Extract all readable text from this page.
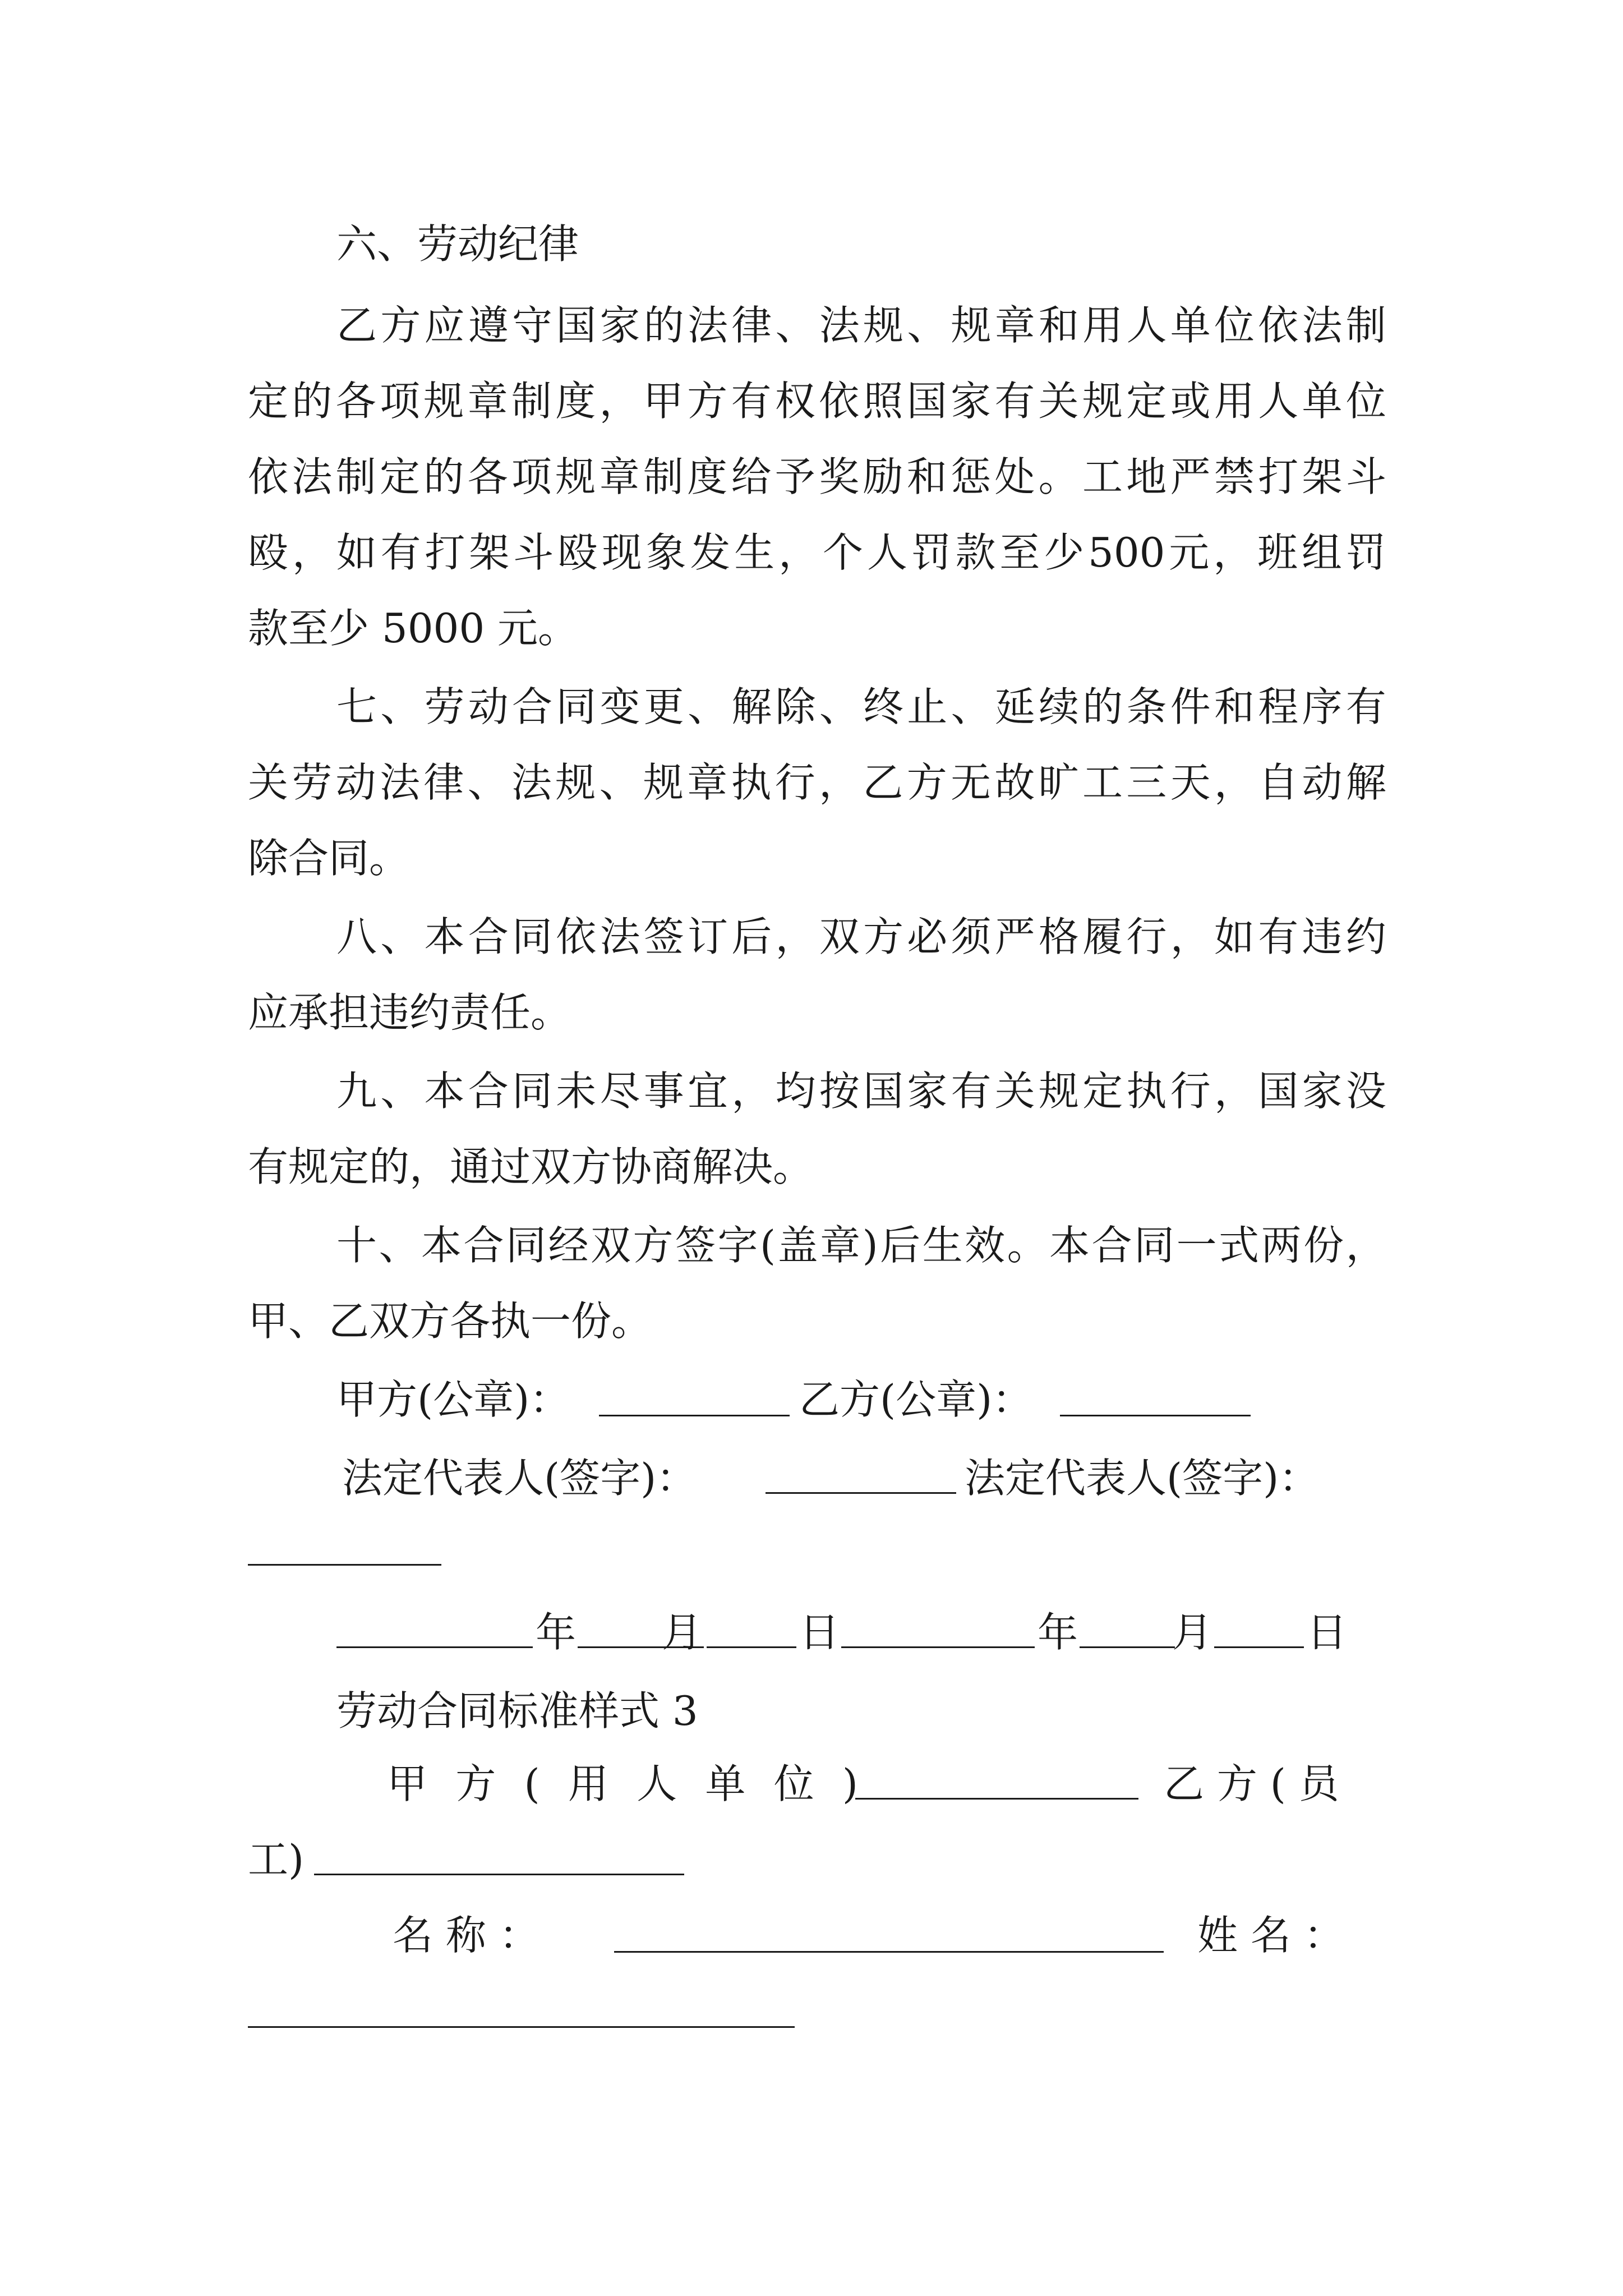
六、劳动纪律
乙 方 应 遵 守 国 家 的 法 律 、 法 规 、 规 章 和 用 人 单 位 依 法 制
定 的 各 项 规 章 制 度 ， 甲 方 有 权 依 照 国 家 有 关 规 定 或 用 人 单 位
依 法 制 定 的 各 项 规 章 制 度 给 予 奖 励 和 惩 处 。 工 地 严 禁 打 架 斗
殴 ， 如 有 打 架 斗 殴 现 象 发 生 ， 个 人 罚 款 至 少 500 元 ， 班 组 罚
款至少 5000 元。
七 、 劳 动 合 同 变 更 、 解 除 、 终 止 、 延 续 的 条 件 和 程 序 有
关 劳 动 法 律 、 法 规 、 规 章 执 行 ， 乙 方 无 故 旷 工 三 天 ， 自 动 解
除合同。
八 、 本 合 同 依 法 签 订 后 ， 双 方 必 须 严 格 履 行 ， 如 有 违 约
应承担违约责任。
九 、 本 合 同 未 尽 事 宜 ， 均 按 国 家 有 关 规 定 执 行 ， 国 家 没
有规定的，通过双方协商解决。
十 、 本 合 同 经 双 方 签 字 ( 盖 章 ) 后 生 效 。 本 合 同 一 式 两 份 ，
甲、乙双方各执一份。
甲方(公章)：	乙方(公章)：
法定代表人(签字)：	法定代表人(签字)：
年 月 日	年 月 日
劳动合同标准样式 3
甲 方 ( 用 人 单 位 )	乙 方 ( 员
工)
名 称 ：	姓 名 ：
